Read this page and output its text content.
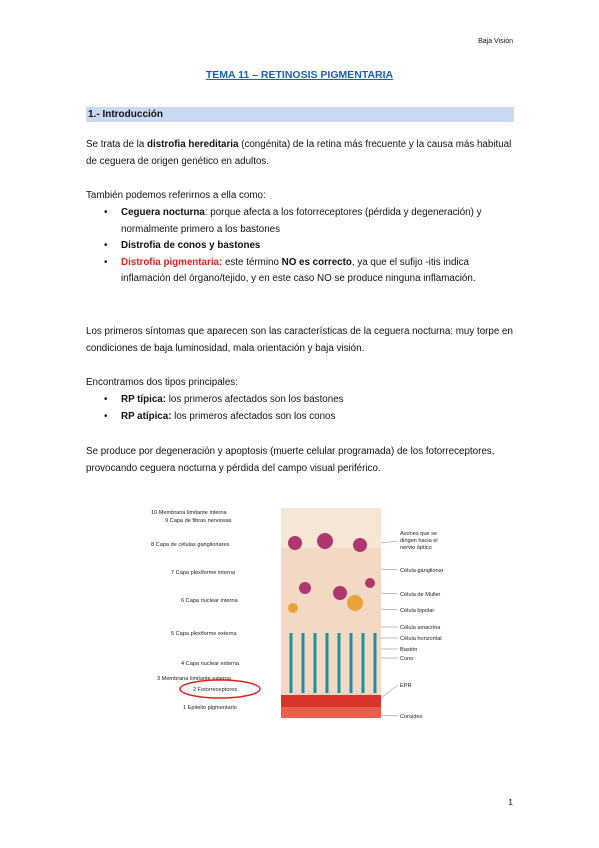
Baja Visión
TEMA 11 – RETINOSIS PIGMENTARIA
1.- Introducción
Se trata de la distrofia hereditaria (congénita) de la retina más frecuente y la causa más habitual de ceguera de origen genético en adultos.
También podemos referirnos a ella como:
• Ceguera nocturna: porque afecta a los fotorreceptores (pérdida y degeneración) y normalmente primero a los bastones
• Distrofia de conos y bastones
• Distrofia pigmentaria: este término NO es correcto, ya que el sufijo -itis indica inflamación del órgano/tejido, y en este caso NO se produce ninguna inflamación.
Los primeros síntomas que aparecen son las características de la ceguera nocturna: muy torpe en condiciones de baja luminosidad, mala orientación y baja visión.
Encontramos dos tipos principales:
• RP típica: los primeros afectados son los bastones
• RP atípica: los primeros afectados son los conos
Se produce por degeneración y apoptosis (muerte celular programada) de los fotorreceptores, provocando ceguera nocturna y pérdida del campo visual periférico.
10 Membrana limitante interna
9 Capa de fibras nerviosas
8 Capa de células ganglionares
7 Capa plexiforme interna
6 Capa nuclear interna
5 Capa plexiforme externa
4 Capa nuclear externa
3 Membrana limitante externa
2 Fotorreceptores
1 Epitelio pigmentario
Axones que se
dirigen hacia el
nervio óptico
Célula ganglionar
Célula de Muller
Célula bipolar
Célula amacrina
Célula horizontal
Bastón
Cono
EPR
Coroides
1
